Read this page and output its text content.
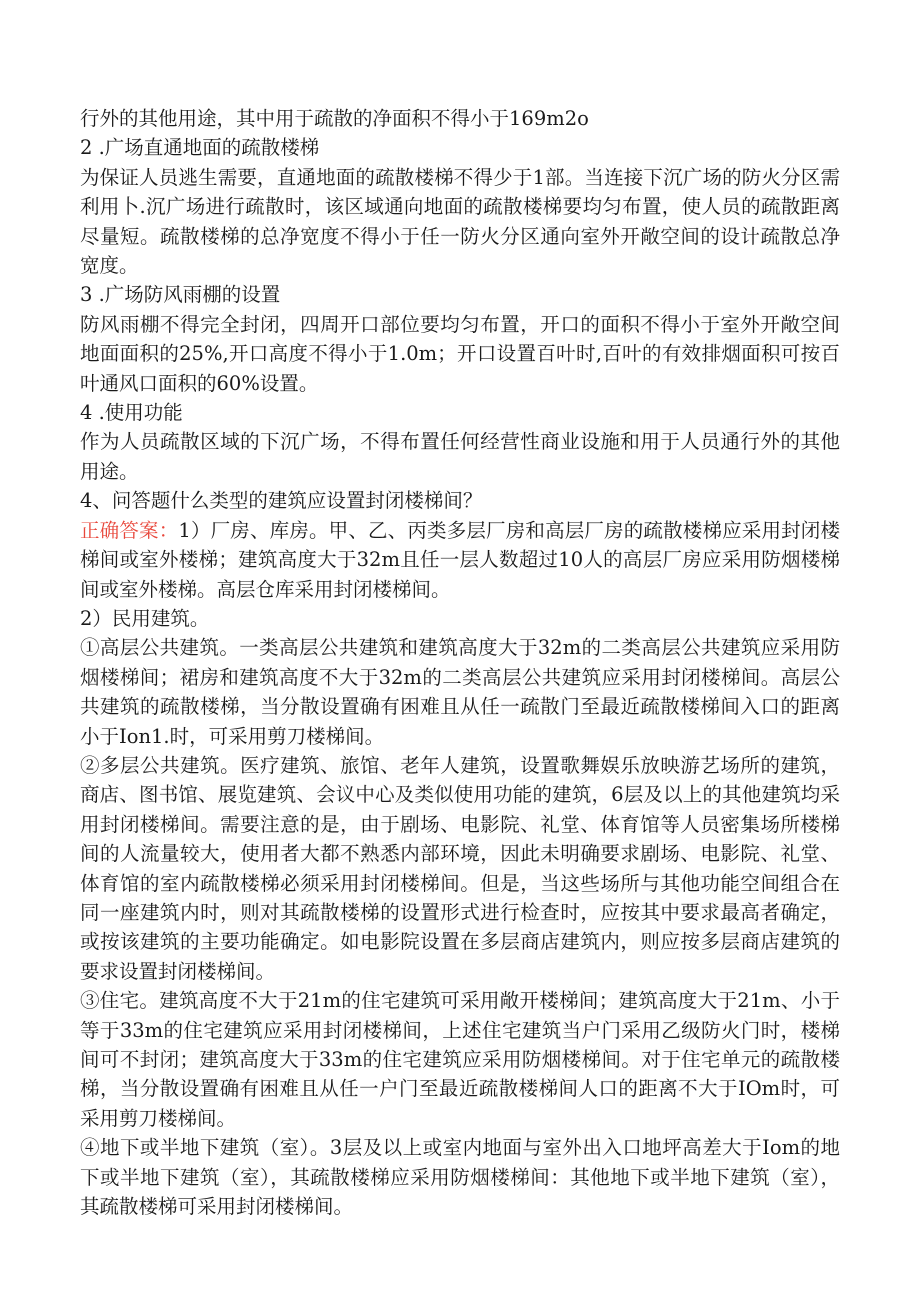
行外的其他用途，其中用于疏散的净面积不得小于169m2o

2 .广场直通地面的疏散楼梯

为保证人员逃生需要，直通地面的疏散楼梯不得少于1部。当连接下沉广场的防火分区需利用卜.沉广场进行疏散时，该区域通向地面的疏散楼梯要均匀布置，使人员的疏散距离尽量短。疏散楼梯的总净宽度不得小于任一防火分区通向室外开敞空间的设计疏散总净宽度。

3 .广场防风雨棚的设置

防风雨棚不得完全封闭，四周开口部位要均匀布置，开口的面积不得小于室外开敞空间地面面积的25%,开口高度不得小于1.0m；开口设置百叶时,百叶的有效排烟面积可按百叶通风口面积的60%设置。

4 .使用功能

作为人员疏散区域的下沉广场，不得布置任何经营性商业设施和用于人员通行外的其他用途。

4、问答题什么类型的建筑应设置封闭楼梯间？

正确答案：1）厂房、库房。甲、乙、丙类多层厂房和高层厂房的疏散楼梯应采用封闭楼梯间或室外楼梯；建筑高度大于32m且任一层人数超过10人的高层厂房应采用防烟楼梯间或室外楼梯。高层仓库采用封闭楼梯间。

2）民用建筑。

①高层公共建筑。一类高层公共建筑和建筑高度大于32m的二类高层公共建筑应采用防烟楼梯间；裙房和建筑高度不大于32m的二类高层公共建筑应采用封闭楼梯间。高层公共建筑的疏散楼梯，当分散设置确有困难且从任一疏散门至最近疏散楼梯间入口的距离小于Ion1.时，可采用剪刀楼梯间。

②多层公共建筑。医疗建筑、旅馆、老年人建筑，设置歌舞娱乐放映游艺场所的建筑，商店、图书馆、展览建筑、会议中心及类似使用功能的建筑，6层及以上的其他建筑均采用封闭楼梯间。需要注意的是，由于剧场、电影院、礼堂、体育馆等人员密集场所楼梯间的人流量较大，使用者大都不熟悉内部环境，因此未明确要求剧场、电影院、礼堂、体育馆的室内疏散楼梯必须采用封闭楼梯间。但是，当这些场所与其他功能空间组合在同一座建筑内时，则对其疏散楼梯的设置形式进行检查时，应按其中要求最高者确定，或按该建筑的主要功能确定。如电影院设置在多层商店建筑内，则应按多层商店建筑的要求设置封闭楼梯间。

③住宅。建筑高度不大于21m的住宅建筑可采用敞开楼梯间；建筑高度大于21m、小于等于33m的住宅建筑应采用封闭楼梯间，上述住宅建筑当户门采用乙级防火门时，楼梯间可不封闭；建筑高度大于33m的住宅建筑应采用防烟楼梯间。对于住宅单元的疏散楼梯，当分散设置确有困难且从任一户门至最近疏散楼梯间人口的距离不大于IOm时，可采用剪刀楼梯间。

④地下或半地下建筑（室）。3层及以上或室内地面与室外出入口地坪高差大于Iom的地下或半地下建筑（室），其疏散楼梯应采用防烟楼梯间：其他地下或半地下建筑（室），其疏散楼梯可采用封闭楼梯间。
